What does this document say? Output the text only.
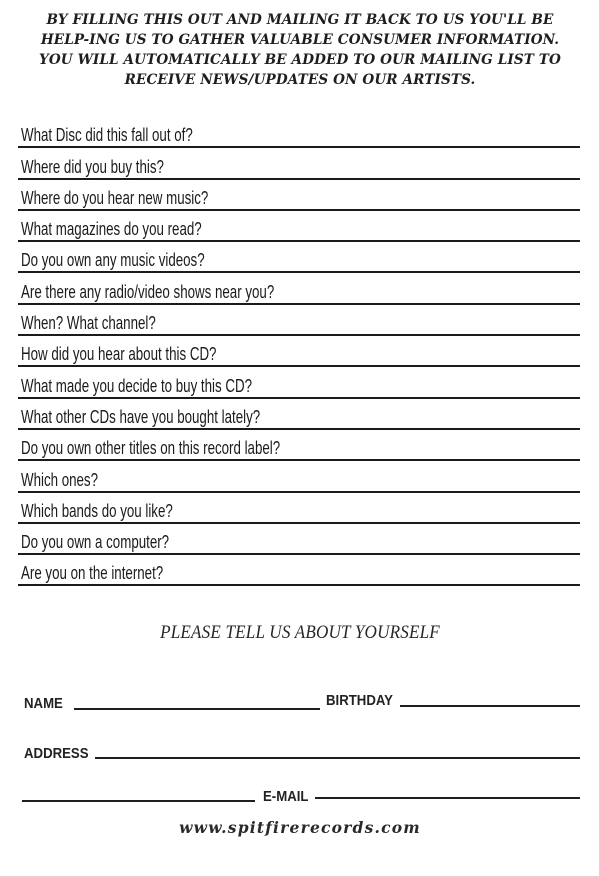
BY FILLING THIS OUT AND MAILING IT BACK TO US YOU'LL BE HELP-ING US TO GATHER VALUABLE CONSUMER INFORMATION. YOU WILL AUTOMATICALLY BE ADDED TO OUR MAILING LIST TO RECEIVE NEWS/UPDATES ON OUR ARTISTS.
What Disc did this fall out of?
Where did you buy this?
Where do you hear new music?
What magazines do you read?
Do you own any music videos?
Are there any radio/video shows near you?
When? What channel?
How did you hear about this CD?
What made you decide to buy this CD?
What other CDs have you bought lately?
Do you own other titles on this record label?
Which ones?
Which bands do you like?
Do you own a computer?
Are you on the internet?
PLEASE TELL US ABOUT YOURSELF
NAME	BIRTHDAY
ADDRESS
E-MAIL
www.spitfirerecords.com
